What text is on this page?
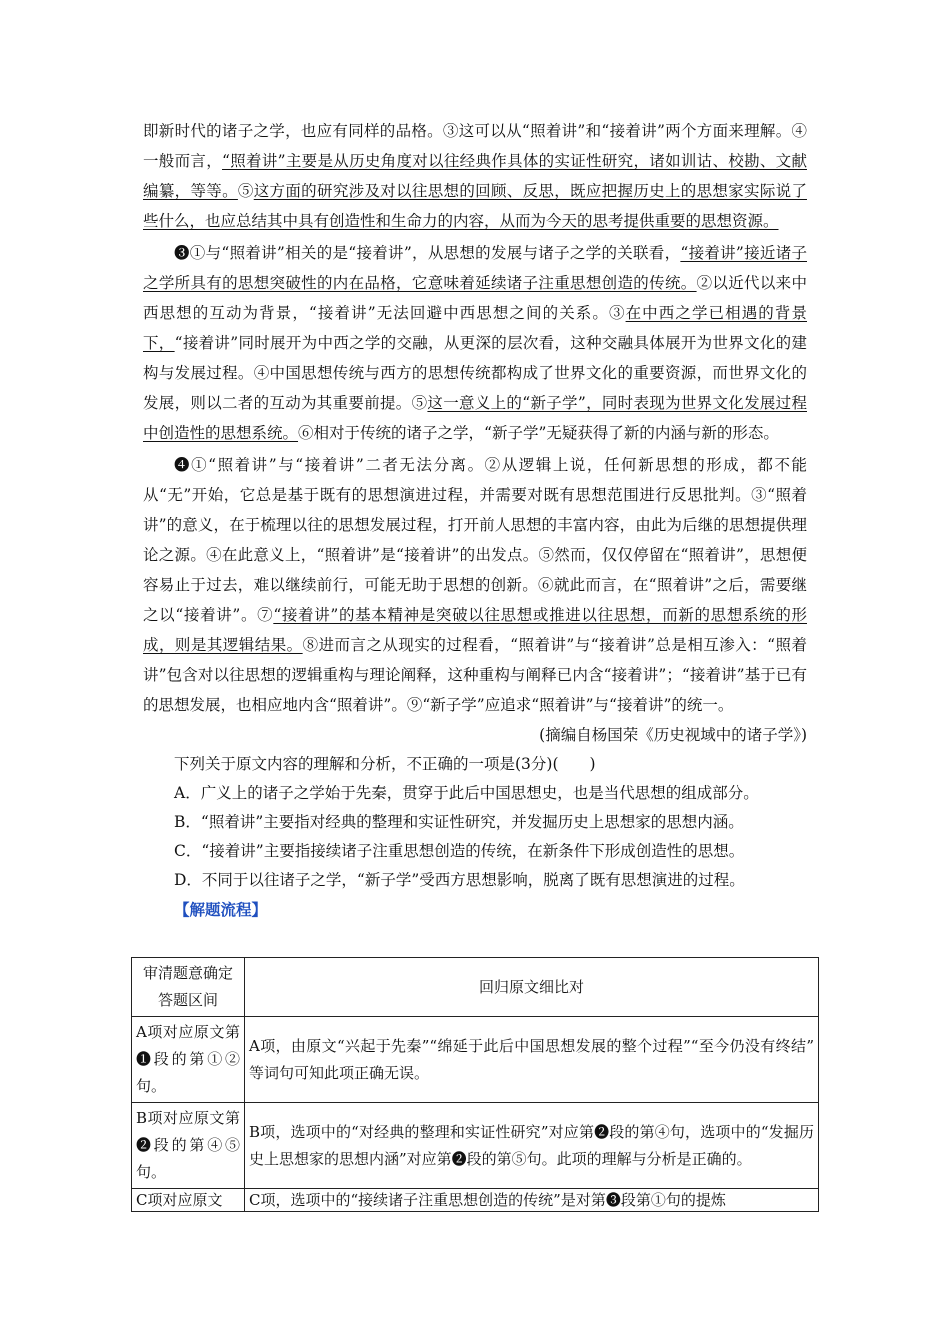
即新时代的诸子之学，也应有同样的品格。③这可以从“照着讲”和“接着讲”两个方面来理解。④一般而言，“照着讲”主要是从历史角度对以往经典作具体的实证性研究，诸如训诂、校勘、文献编纂，等等。⑤这方面的研究涉及对以往思想的回顾、反思，既应把握历史上的思想家实际说了些什么，也应总结其中具有创造性和生命力的内容，从而为今天的思考提供重要的思想资源。

❸①与“照着讲”相关的是“接着讲”，从思想的发展与诸子之学的关联看，“接着讲”接近诸子之学所具有的思想突破性的内在品格，它意味着延续诸子注重思想创造的传统。②以近代以来中西思想的互动为背景，“接着讲”无法回避中西思想之间的关系。③在中西之学已相遇的背景下，“接着讲”同时展开为中西之学的交融，从更深的层次看，这种交融具体展开为世界文化的建构与发展过程。④中国思想传统与西方的思想传统都构成了世界文化的重要资源，而世界文化的发展，则以二者的互动为其重要前提。⑤这一意义上的“新子学”，同时表现为世界文化发展过程中创造性的思想系统。⑥相对于传统的诸子之学，“新子学”无疑获得了新的内涵与新的形态。

❹①“照着讲”与“接着讲”二者无法分离。②从逻辑上说，任何新思想的形成，都不能从“无”开始，它总是基于既有的思想演进过程，并需要对既有思想范围进行反思批判。③“照着讲”的意义，在于梳理以往的思想发展过程，打开前人思想的丰富内容，由此为后继的思想提供理论之源。④在此意义上，“照着讲”是“接着讲”的出发点。⑤然而，仅仅停留在“照着讲”，思想便容易止于过去，难以继续前行，可能无助于思想的创新。⑥就此而言，在“照着讲”之后，需要继之以“接着讲”。⑦“接着讲”的基本精神是突破以往思想或推进以往思想，而新的思想系统的形成，则是其逻辑结果。⑧进而言之从现实的过程看，“照着讲”与“接着讲”总是相互渗入：“照着讲”包含对以往思想的逻辑重构与理论阐释，这种重构与阐释已内含“接着讲”；“接着讲”基于已有的思想发展，也相应地内含“照着讲”。⑨“新子学”应追求“照着讲”与“接着讲”的统一。

(摘编自杨国荣《历史视域中的诸子学》)

下列关于原文内容的理解和分析，不正确的一项是(3分)(　　)

A．广义上的诸子之学始于先秦，贯穿于此后中国思想史，也是当代思想的组成部分。

B．“照着讲”主要指对经典的整理和实证性研究，并发掘历史上思想家的思想内涵。

C．“接着讲”主要指接续诸子注重思想创造的传统，在新条件下形成创造性的思想。

D．不同于以往诸子之学，“新子学”受西方思想影响，脱离了既有思想演进的过程。

【解题流程】

审清题意确定答题区间	回归原文细比对
A项对应原文第❶段的第①②句。	A项，由原文“兴起于先秦”“绵延于此后中国思想发展的整个过程”“至今仍没有终结”　等词句可知此项正确无误。
B项对应原文第❷段的第④⑤句。	B项，选项中的“对经典的整理和实证性研究”对应第❷段的第④句，选项中的“发掘历史上思想家的思想内涵”对应第❷段的第⑤句。此项的理解与分析是正确的。
C项对应原文	C项，选项中的“接续诸子注重思想创造的传统”是对第❸段第①句的提炼
